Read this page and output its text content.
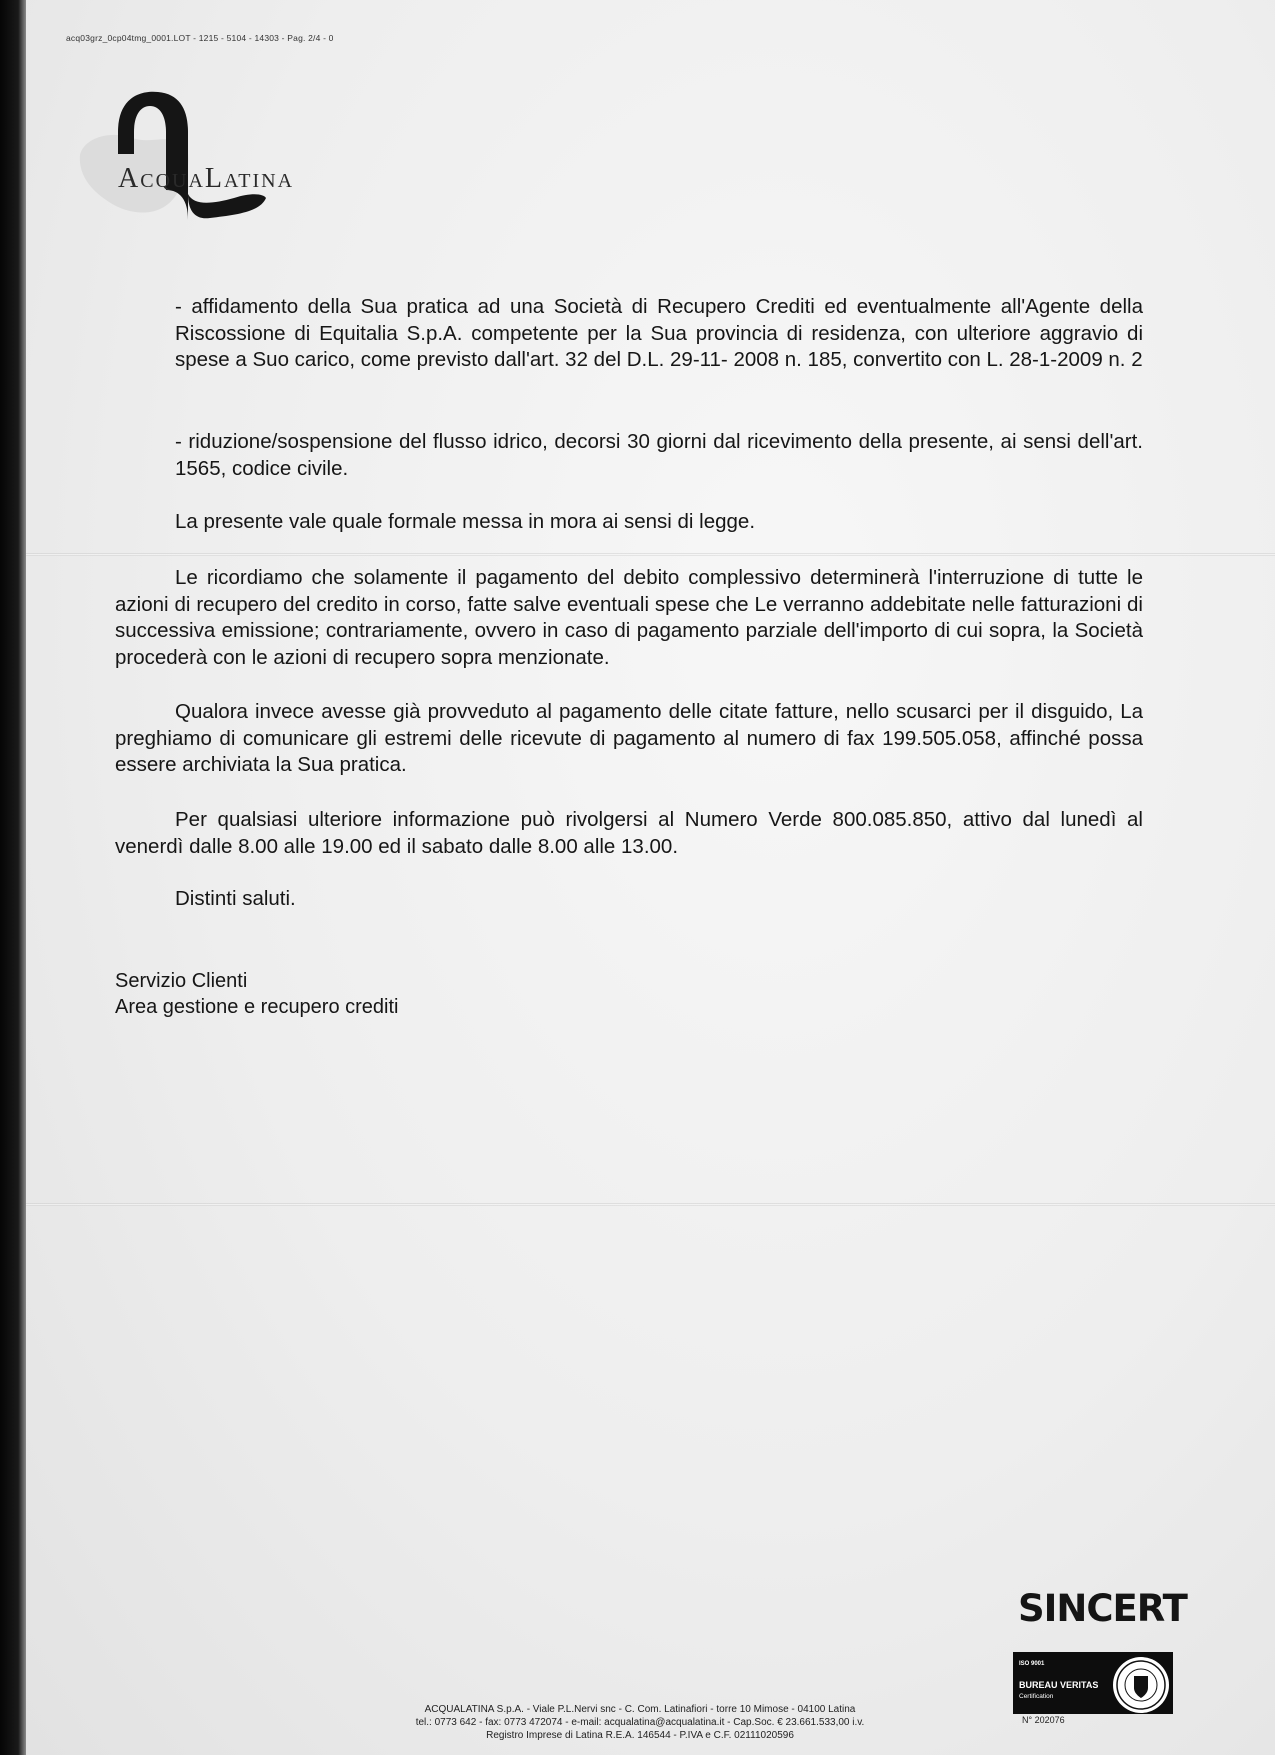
acq03grz_0cp04tmg_0001.LOT - 1215 - 5104 - 14303 - Pag. 2/4 - 0
ACQUALATINA

- affidamento della Sua pratica ad una Società di Recupero Crediti ed eventualmente all'Agente della Riscossione di Equitalia S.p.A. competente per la Sua provincia di residenza, con ulteriore aggravio di spese a Suo carico, come previsto dall'art. 32 del D.L. 29-11- 2008 n. 185, convertito con L. 28-1-2009 n. 2

- riduzione/sospensione del flusso idrico, decorsi 30 giorni dal ricevimento della presente, ai sensi dell'art. 1565, codice civile.

La presente vale quale formale messa in mora ai sensi di legge.

Le ricordiamo che solamente il pagamento del debito complessivo determinerà l'interruzione di tutte le azioni di recupero del credito in corso, fatte salve eventuali spese che Le verranno addebitate nelle fatturazioni di successiva emissione; contrariamente, ovvero in caso di pagamento parziale dell'importo di cui sopra, la Società procederà con le azioni di recupero sopra menzionate.

Qualora invece avesse già provveduto al pagamento delle citate fatture, nello scusarci per il disguido, La preghiamo di comunicare gli estremi delle ricevute di pagamento al numero di fax 199.505.058, affinché possa essere archiviata la Sua pratica.

Per qualsiasi ulteriore informazione può rivolgersi al Numero Verde 800.085.850, attivo dal lunedì al venerdì dalle 8.00 alle 19.00 ed il sabato dalle 8.00 alle 13.00.

Distinti saluti.

Servizio Clienti
Area gestione e recupero crediti
SINCERT
ISO 9001
BUREAU VERITAS
Certification
N° 202076
ACQUALATINA S.p.A. - Viale P.L.Nervi snc - C. Com. Latinafiori - torre 10 Mimose - 04100 Latina
tel.: 0773 642 - fax: 0773 472074 - e-mail: acqualatina@acqualatina.it - Cap.Soc. € 23.661.533,00 i.v.
Registro Imprese di Latina R.E.A. 146544 - P.IVA e C.F. 02111020596
